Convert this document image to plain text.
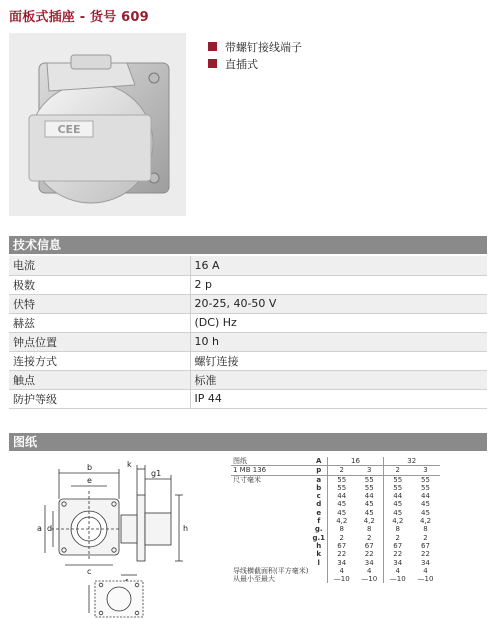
面板式插座 - 货号 609
CEE
带螺钉接线端子
直插式
技术信息
电流	16 A
极数	2 p
伏特	20-25, 40-50 V
赫兹	(DC) Hz
钟点位置	10 h
连接方式	螺钉连接
触点	标准
防护等级	IP 44
图纸
b
e
a d
c
k
g1
h
图纸	A	16		32	
1 MB 136	p	2	3	2	3
尺寸毫米	a	55	55	55	55
	b	55	55	55	55
	c	44	44	44	44
	d	45	45	45	45
	e	45	45	45	45
	f	4,2	4,2	4,2	4,2
	g.	8	8	8	8
	g.1	2	2	2	2
	h	67	67	67	67
	k	22	22	22	22
	l	34	34	34	34
导线横截面积(平方毫米)		4	4	4	4
从最小至最大		—10	—10	—10	—10
